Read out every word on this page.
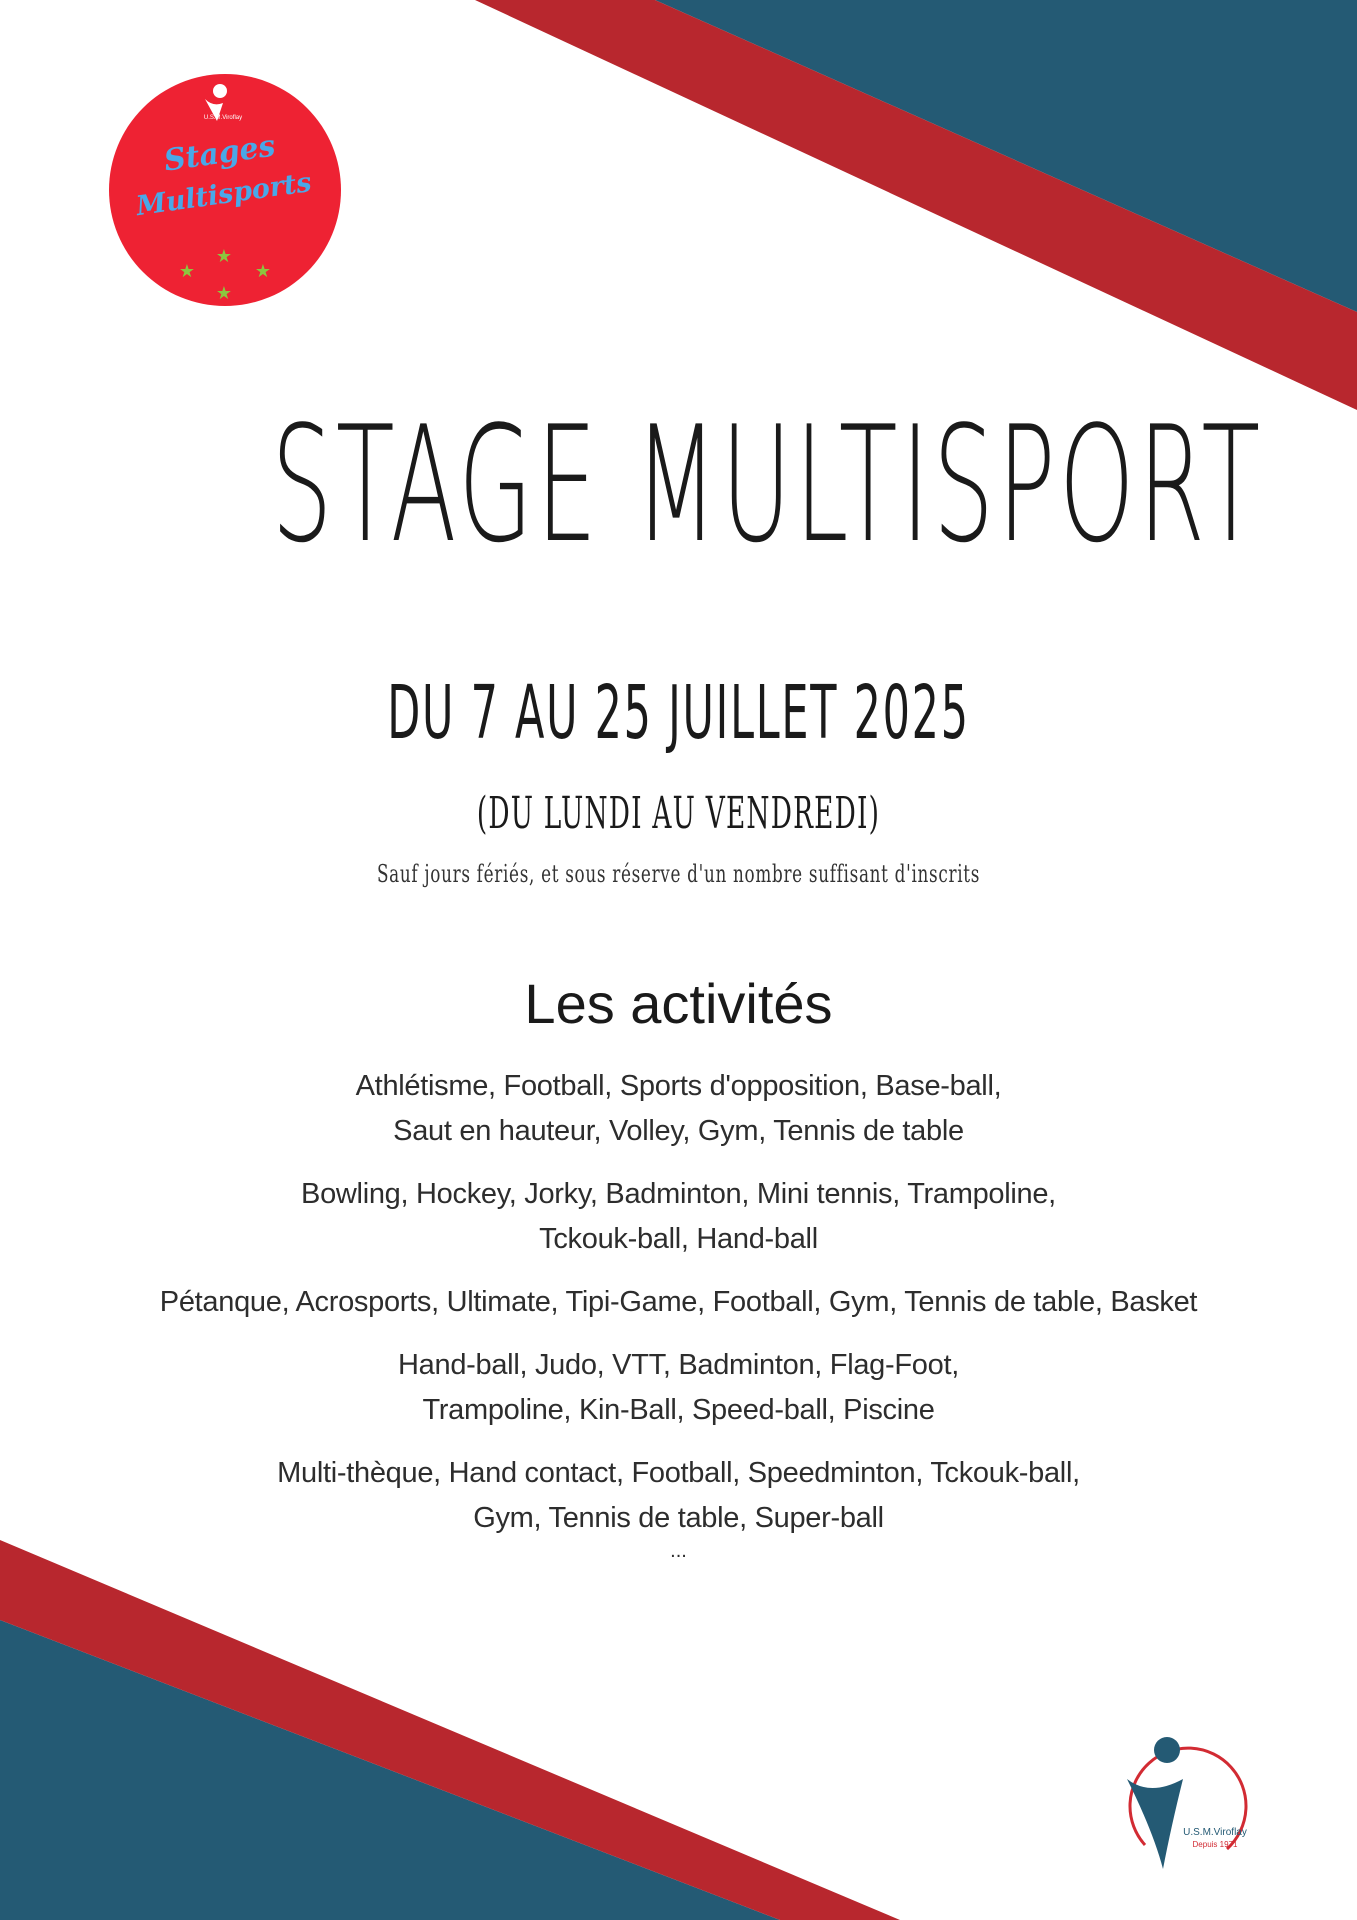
U.S.M.Viroflay
Stages
Multisports
★
★	★
★
STAGE MULTISPORT
DU 7 AU 25 JUILLET 2025
(DU LUNDI AU VENDREDI)
Sauf jours fériés, et sous réserve d'un nombre suffisant d'inscrits
Les activités
Athlétisme, Football, Sports d'opposition, Base-ball,
Saut en hauteur, Volley, Gym, Tennis de table
Bowling, Hockey, Jorky, Badminton, Mini tennis, Trampoline,
Tckouk-ball, Hand-ball
Pétanque, Acrosports, Ultimate, Tipi-Game, Football, Gym, Tennis de table, Basket
Hand-ball, Judo, VTT, Badminton, Flag-Foot,
Trampoline, Kin-Ball, Speed-ball, Piscine
Multi-thèque, Hand contact, Football, Speedminton, Tckouk-ball,
Gym, Tennis de table, Super-ball
...
U.S.M.Viroflay
Depuis 1971
